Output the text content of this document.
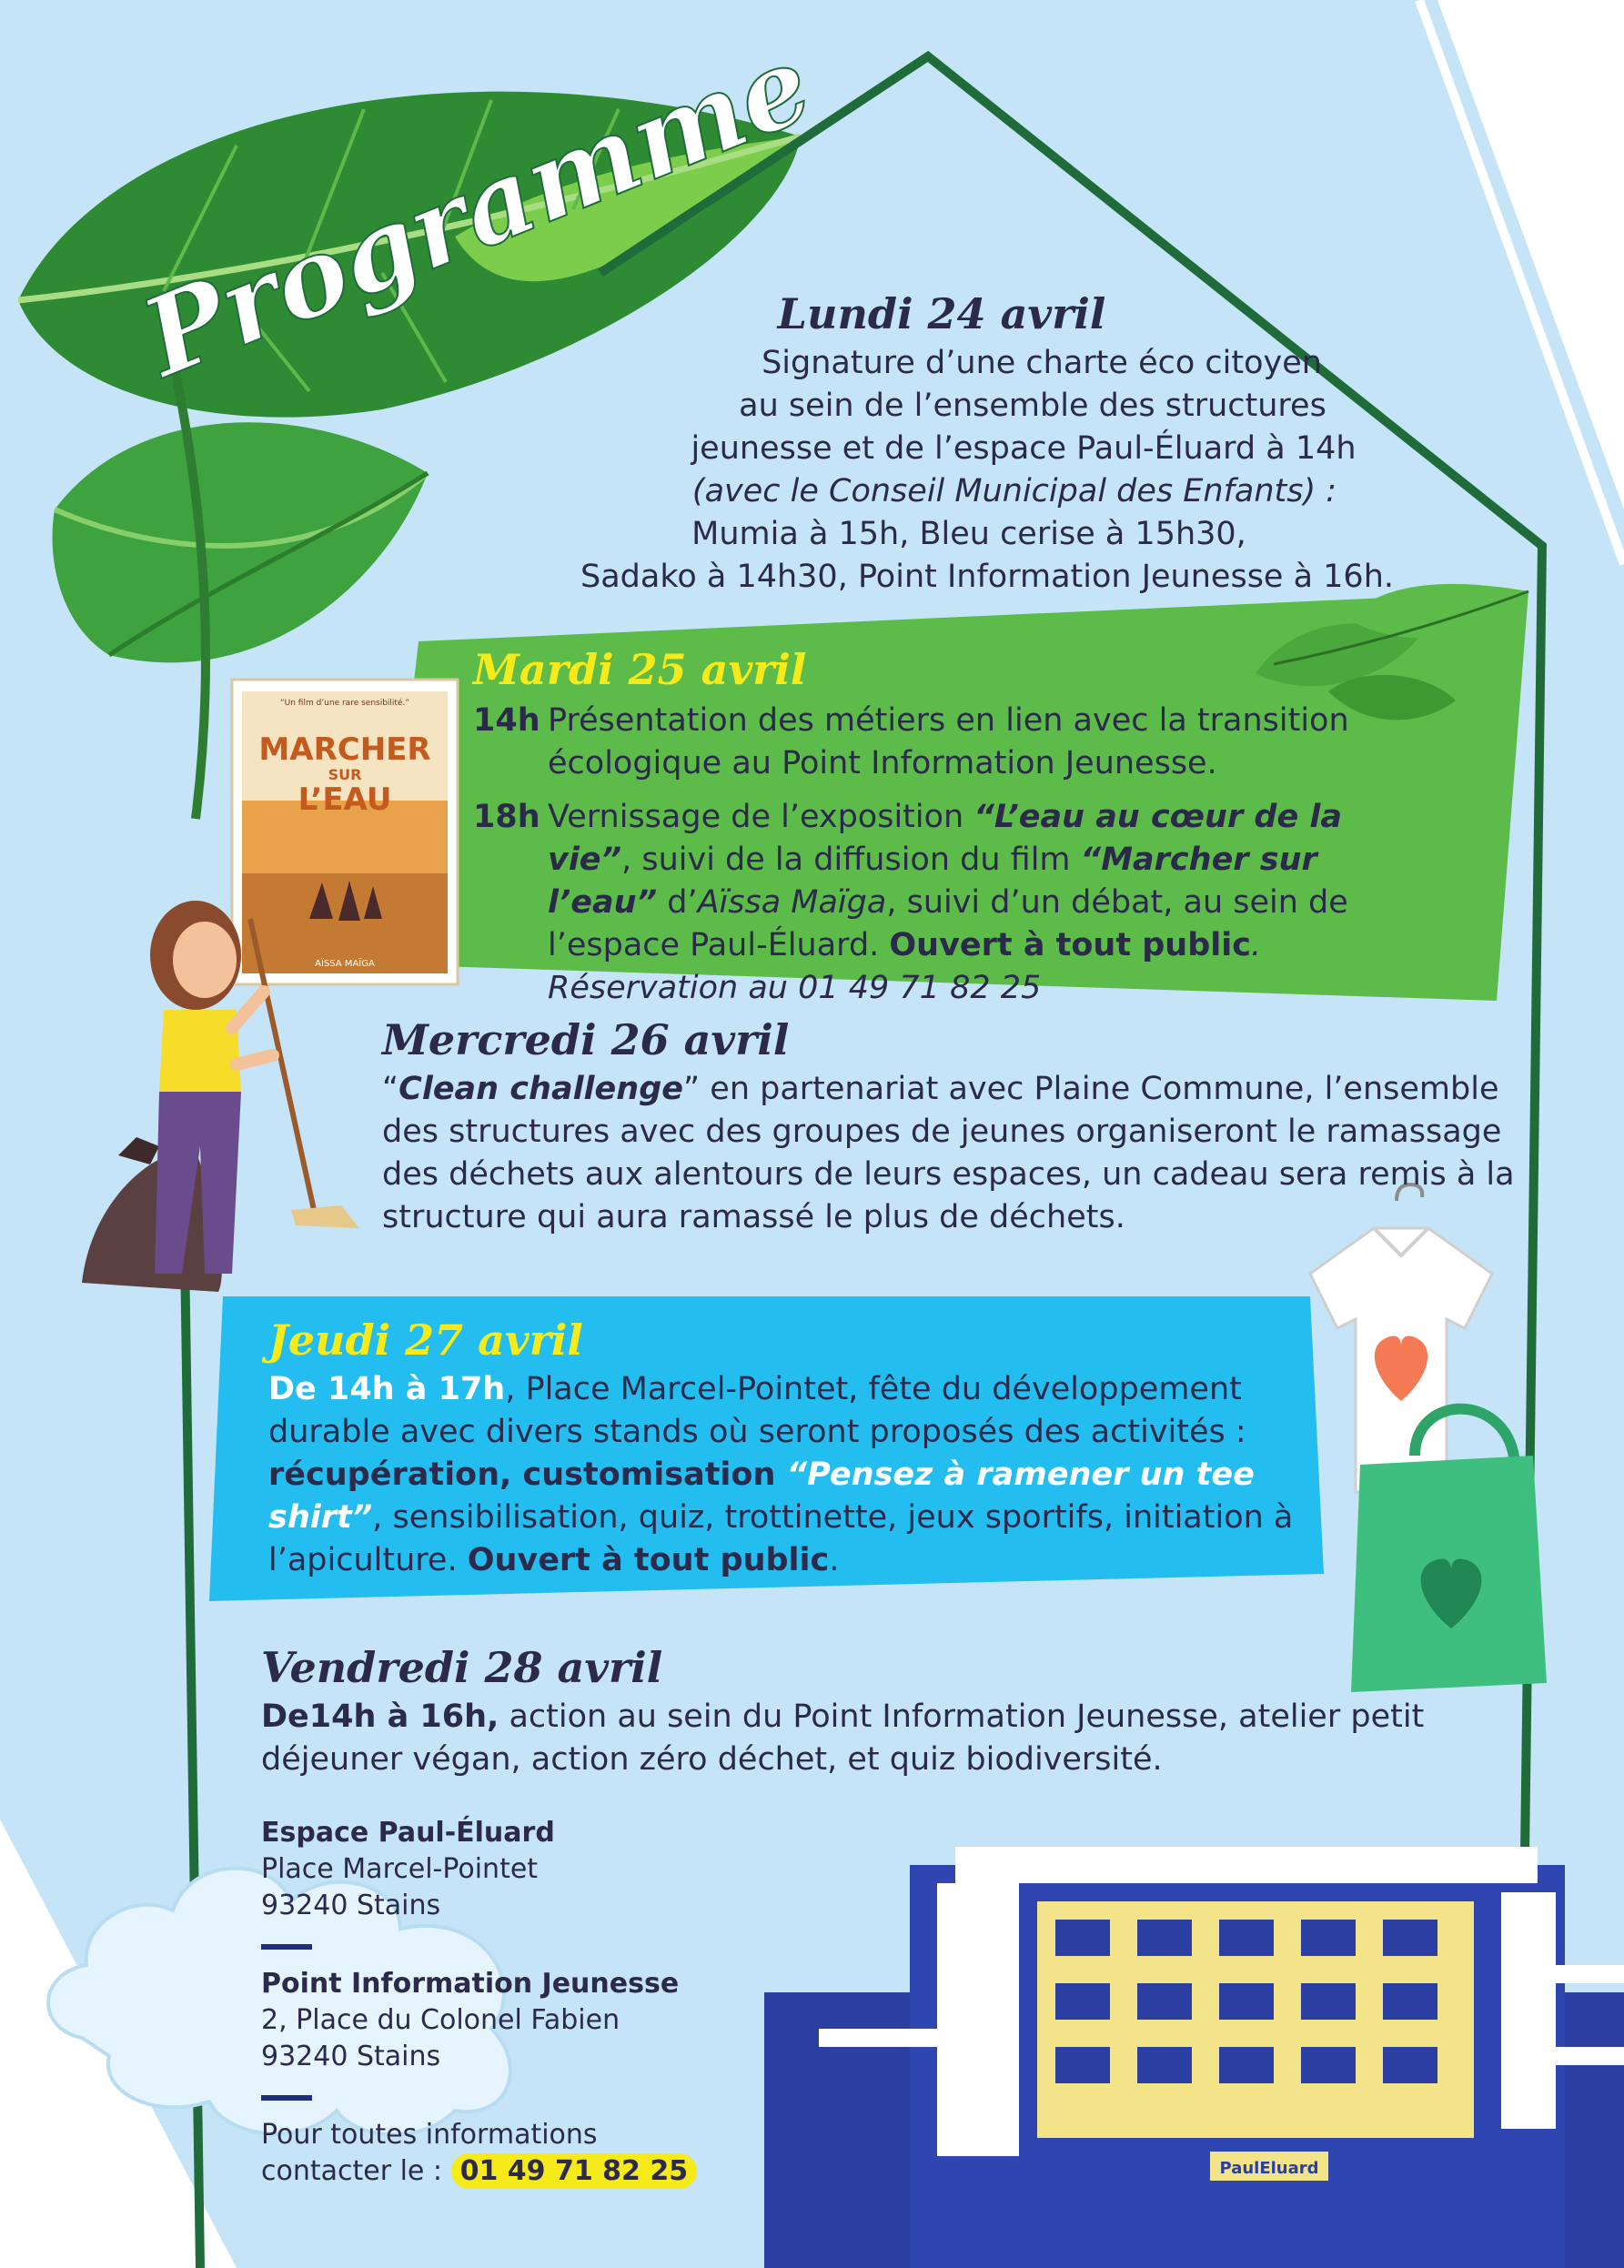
“Un film d’une rare sensibilité.”
MARCHER
SUR
L’EAU
AÏSSA MAÏGA
PaulEluard
Programme
Lundi 24 avril
Signature d’une charte éco citoyen
au sein de l’ensemble des structures
jeunesse et de l’espace Paul-Éluard à 14h
(avec le Conseil Municipal des Enfants) :
Mumia à 15h, Bleu cerise à 15h30,
Sadako à 14h30, Point Information Jeunesse à 16h.
Mardi 25 avril
14h Présentation des métiers en lien avec la transition
écologique au Point Information Jeunesse.
18h Vernissage de l’exposition “L’eau au cœur de la vie”, suivi de la diffusion du film “Marcher sur l’eau” d’Aïssa Maïga, suivi d’un débat, au sein de l’espace Paul-Éluard. Ouvert à tout public. Réservation au 01 49 71 82 25
Mercredi 26 avril
“Clean challenge” en partenariat avec Plaine Commune, l’ensemble des structures avec des groupes de jeunes organiseront le ramassage des déchets aux alentours de leurs espaces, un cadeau sera remis à la structure qui aura ramassé le plus de déchets.
Jeudi 27 avril
De 14h à 17h, Place Marcel-Pointet, fête du développement durable avec divers stands où seront proposés des activités : récupération, customisation “Pensez à ramener un tee shirt”, sensibilisation, quiz, trottinette, jeux sportifs, initiation à l’apiculture. Ouvert à tout public.
Vendredi 28 avril
De14h à 16h, action au sein du Point Information Jeunesse, atelier petit déjeuner végan, action zéro déchet, et quiz biodiversité.
Espace Paul-Éluard
Place Marcel-Pointet
93240 Stains
Point Information Jeunesse
2, Place du Colonel Fabien
93240 Stains
Pour toutes informations
contacter le : 01 49 71 82 25
